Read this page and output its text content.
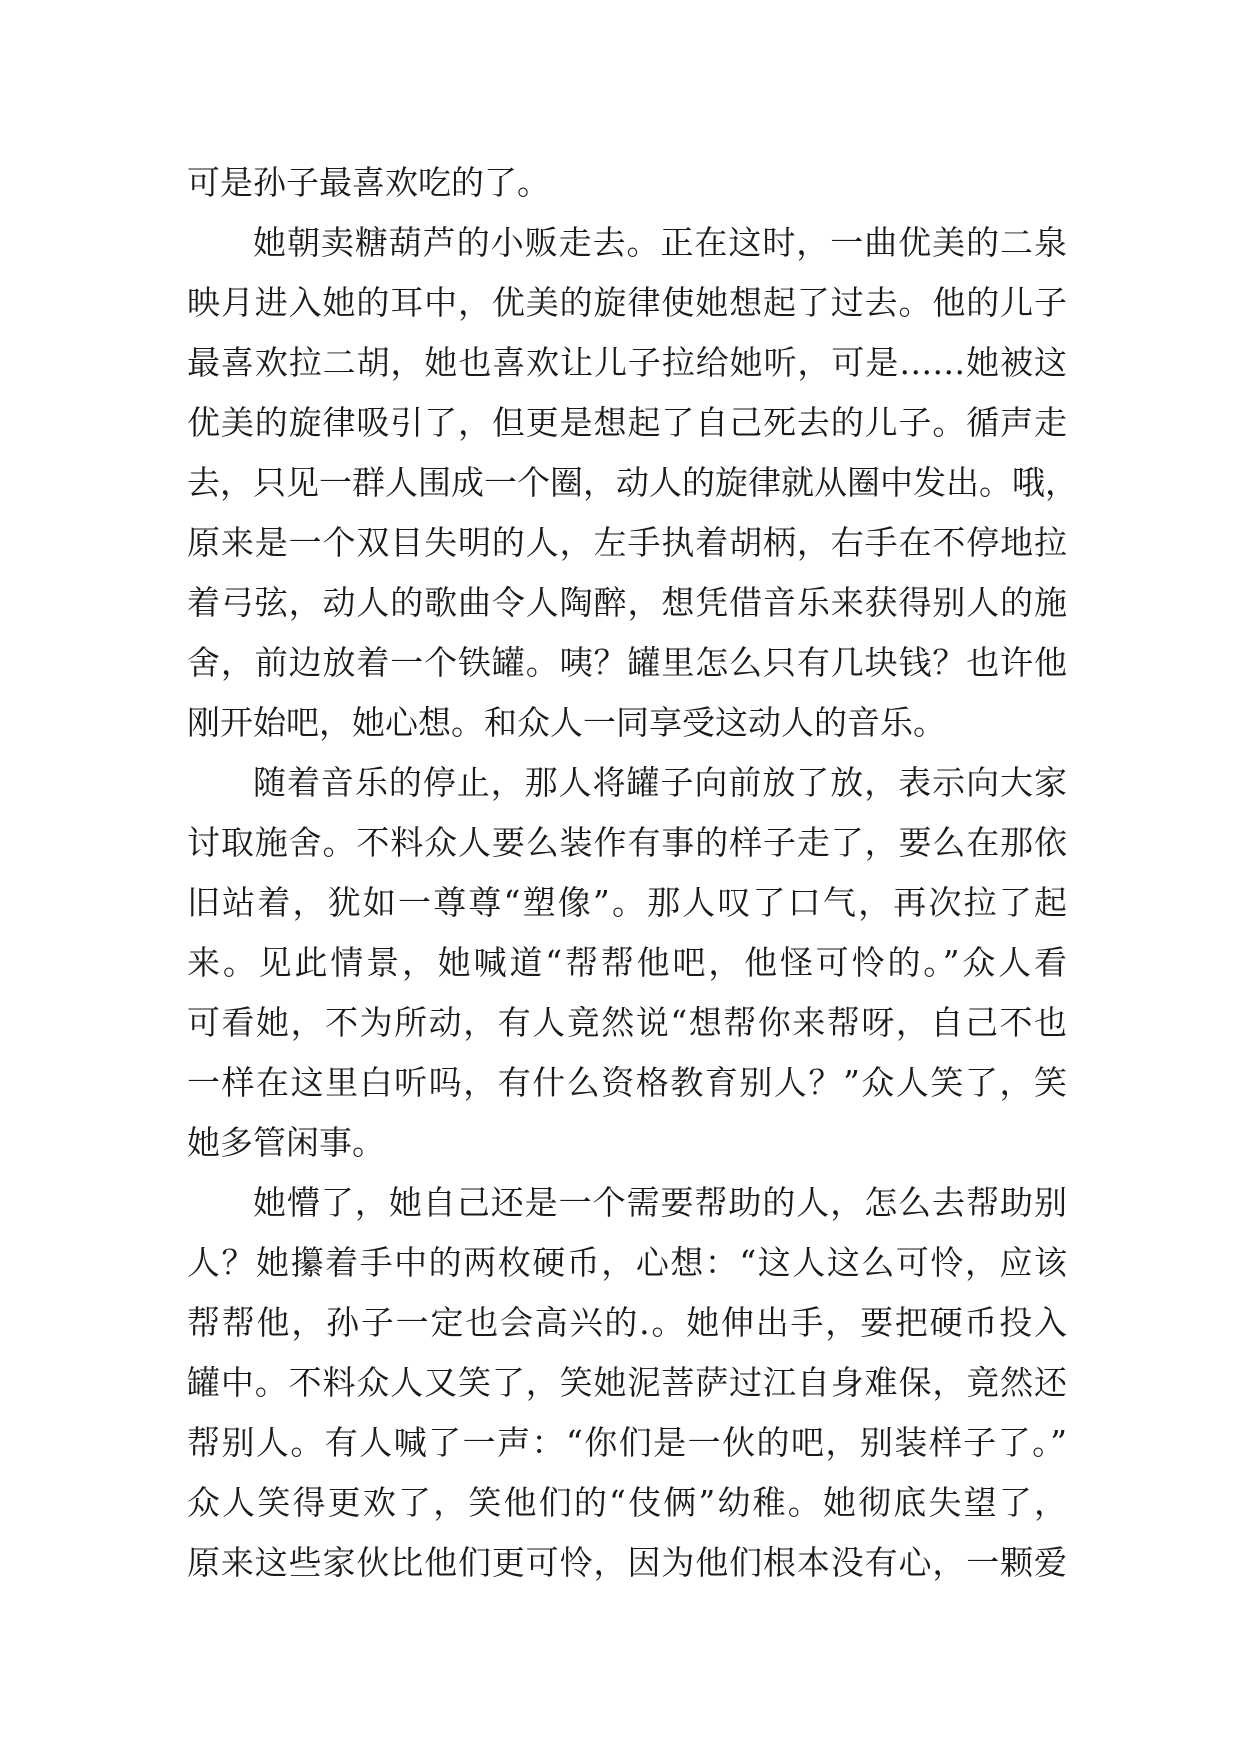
可是孙子最喜欢吃的了。
她朝卖糖葫芦的小贩走去。正在这时，一曲优美的二泉
映月进入她的耳中，优美的旋律使她想起了过去。他的儿子
最喜欢拉二胡，她也喜欢让儿子拉给她听，可是……她被这
优美的旋律吸引了，但更是想起了自己死去的儿子。循声走
去，只见一群人围成一个圈，动人的旋律就从圈中发出。哦，
原来是一个双目失明的人，左手执着胡柄，右手在不停地拉
着弓弦，动人的歌曲令人陶醉，想凭借音乐来获得别人的施
舍，前边放着一个铁罐。咦？罐里怎么只有几块钱？也许他
刚开始吧，她心想。和众人一同享受这动人的音乐。
随着音乐的停止，那人将罐子向前放了放，表示向大家
讨取施舍。不料众人要么装作有事的样子走了，要么在那依
旧站着，犹如一尊尊“塑像”。那人叹了口气，再次拉了起
来。见此情景，她喊道“帮帮他吧，他怪可怜的。”众人看
可看她，不为所动，有人竟然说“想帮你来帮呀，自己不也
一样在这里白听吗，有什么资格教育别人？”众人笑了，笑
她多管闲事。
她懵了，她自己还是一个需要帮助的人，怎么去帮助别
人？她攥着手中的两枚硬币，心想：“这人这么可怜，应该
帮帮他，孙子一定也会高兴的.。她伸出手，要把硬币投入
罐中。不料众人又笑了，笑她泥菩萨过江自身难保，竟然还
帮别人。有人喊了一声：“你们是一伙的吧，别装样子了。”
众人笑得更欢了，笑他们的“伎俩”幼稚。她彻底失望了，
原来这些家伙比他们更可怜，因为他们根本没有心，一颗爱
